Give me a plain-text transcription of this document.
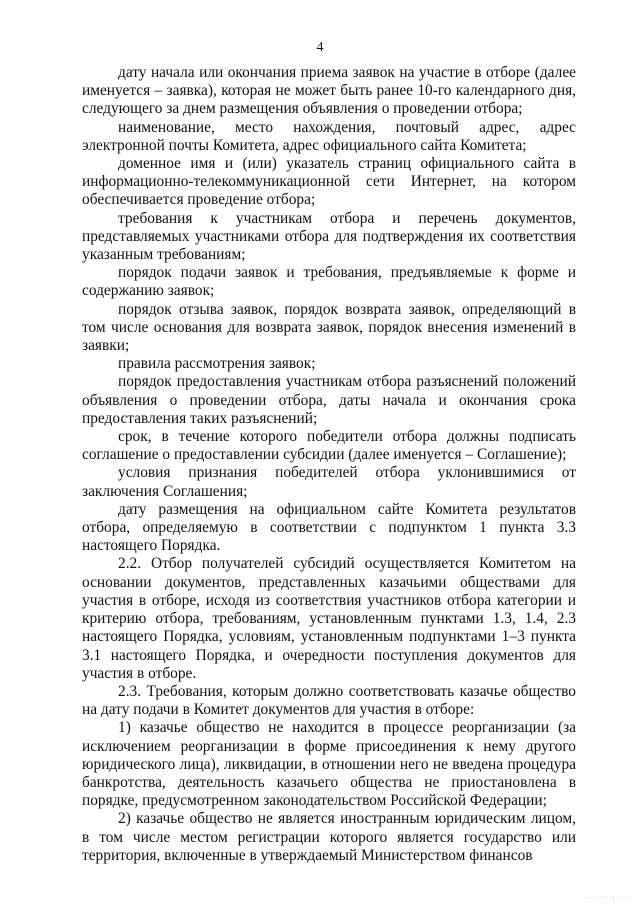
4

дату начала или окончания приема заявок на участие в отборе (далее именуется – заявка), которая не может быть ранее 10-го календарного дня, следующего за днем размещения объявления о проведении отбора;

наименование, место нахождения, почтовый адрес, адрес электронной почты Комитета, адрес официального сайта Комитета;

доменное имя и (или) указатель страниц официального сайта в информационно-телекоммуникационной сети Интернет, на котором обеспечивается проведение отбора;

требования к участникам отбора и перечень документов, представляемых участниками отбора для подтверждения их соответствия указанным требованиям;

порядок подачи заявок и требования, предъявляемые к форме и содержанию заявок;

порядок отзыва заявок, порядок возврата заявок, определяющий в том числе основания для возврата заявок, порядок внесения изменений в заявки;

правила рассмотрения заявок;

порядок предоставления участникам отбора разъяснений положений объявления о проведении отбора, даты начала и окончания срока предоставления таких разъяснений;

срок, в течение которого победители отбора должны подписать соглашение о предоставлении субсидии (далее именуется – Соглашение);

условия признания победителей отбора уклонившимися от заключения Соглашения;

дату размещения на официальном сайте Комитета результатов отбора, определяемую в соответствии с подпунктом 1 пункта 3.3 настоящего Порядка.

2.2. Отбор получателей субсидий осуществляется Комитетом на основании документов, представленных казачьими обществами для участия в отборе, исходя из соответствия участников отбора категории и критерию отбора, требованиям, установленным пунктами 1.3, 1.4, 2.3 настоящего Порядка, условиям, установленным подпунктами 1–3 пункта 3.1 настоящего Порядка, и очередности поступления документов для участия в отборе.

2.3. Требования, которым должно соответствовать казачье общество на дату подачи в Комитет документов для участия в отборе:

1) казачье общество не находится в процессе реорганизации (за исключением реорганизации в форме присоединения к нему другого юридического лица), ликвидации, в отношении него не введена процедура банкротства, деятельность казачьего общества не приостановлена в порядке, предусмотренном законодательством Российской Федерации;

2) казачье общество не является иностранным юридическим лицом, в том числе местом регистрации которого является государство или территория, включенные в утверждаемый Министерством финансов

···· ·····/·····
